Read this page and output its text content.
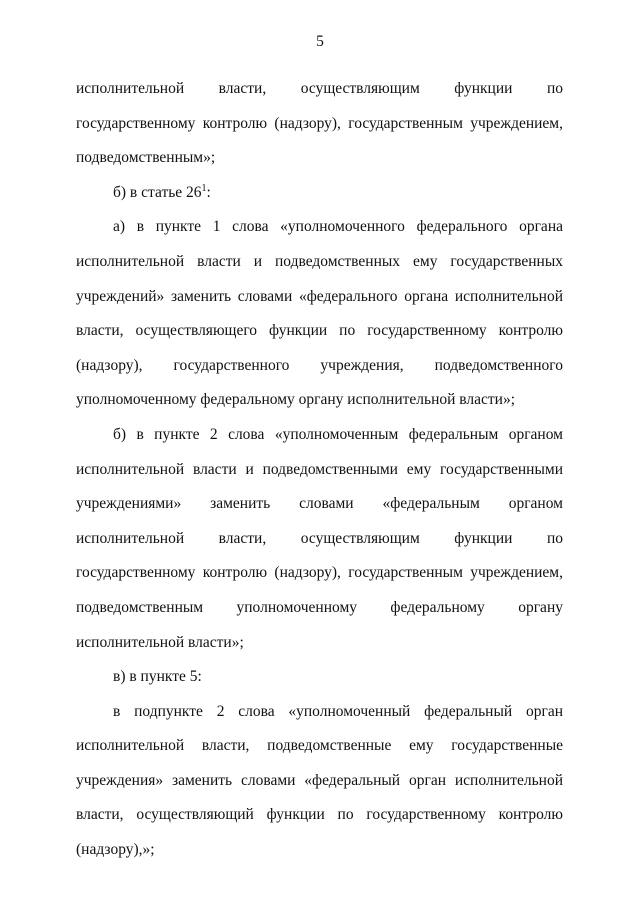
5

исполнительной власти, осуществляющим функции по государственному контролю (надзору), государственным учреждением, подведомственным»;

б) в статье $26^1$:

а) в пункте 1 слова «уполномоченного федерального органа исполнительной власти и подведомственных ему государственных учреждений» заменить словами «федерального органа исполнительной власти, осуществляющего функции по государственному контролю (надзору), государственного учреждения, подведомственного уполномоченному федеральному органу исполнительной власти»;

б) в пункте 2 слова «уполномоченным федеральным органом исполнительной власти и подведомственными ему государственными учреждениями» заменить словами «федеральным органом исполнительной власти, осуществляющим функции по государственному контролю (надзору), государственным учреждением, подведомственным уполномоченному федеральному органу исполнительной власти»;

в) в пункте 5:

в подпункте 2 слова «уполномоченный федеральный орган исполнительной власти, подведомственные ему государственные учреждения» заменить словами «федеральный орган исполнительной власти, осуществляющий функции по государственному контролю (надзору),»;
